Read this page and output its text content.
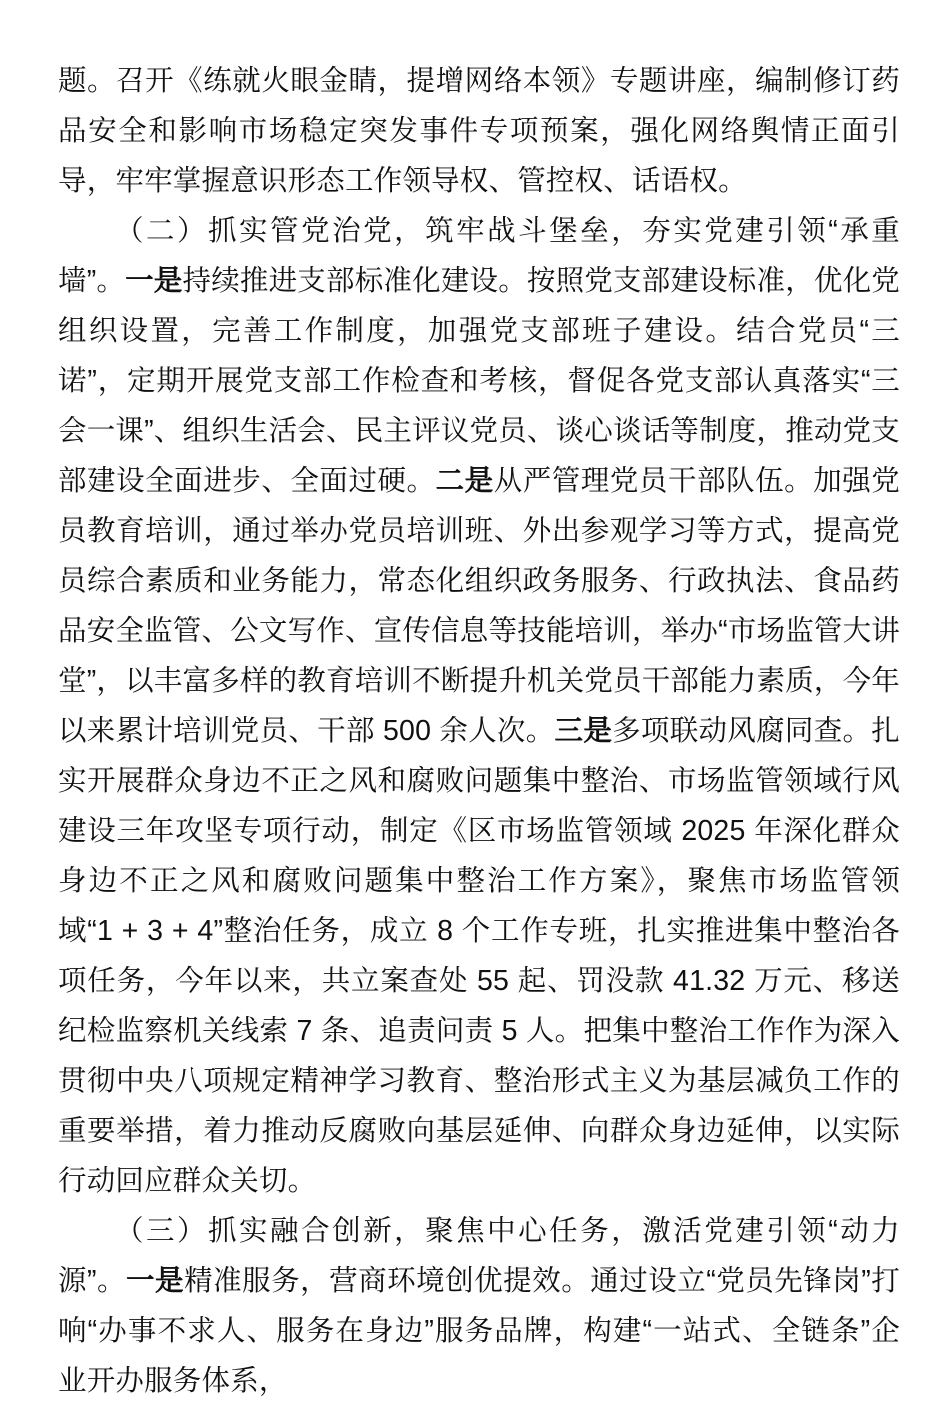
题。召开《练就火眼金睛，提增网络本领》专题讲座，编制修订药品安全和影响市场稳定突发事件专项预案，强化网络舆情正面引导，牢牢掌握意识形态工作领导权、管控权、话语权。

（二）抓实管党治党，筑牢战斗堡垒，夯实党建引领“承重墙”。一是持续推进支部标准化建设。按照党支部建设标准，优化党组织设置，完善工作制度，加强党支部班子建设。结合党员“三诺”，定期开展党支部工作检查和考核，督促各党支部认真落实“三会一课”、组织生活会、民主评议党员、谈心谈话等制度，推动党支部建设全面进步、全面过硬。二是从严管理党员干部队伍。加强党员教育培训，通过举办党员培训班、外出参观学习等方式，提高党员综合素质和业务能力，常态化组织政务服务、行政执法、食品药品安全监管、公文写作、宣传信息等技能培训，举办“市场监管大讲堂”，以丰富多样的教育培训不断提升机关党员干部能力素质，今年以来累计培训党员、干部 500 余人次。三是多项联动风腐同查。扎实开展群众身边不正之风和腐败问题集中整治、市场监管领域行风建设三年攻坚专项行动，制定《区市场监管领域 2025 年深化群众身边不正之风和腐败问题集中整治工作方案》，聚焦市场监管领域“1 + 3 + 4”整治任务，成立 8 个工作专班，扎实推进集中整治各项任务，今年以来，共立案查处 55 起、罚没款 41.32 万元、移送纪检监察机关线索 7 条、追责问责 5 人。把集中整治工作作为深入贯彻中央八项规定精神学习教育、整治形式主义为基层减负工作的重要举措，着力推动反腐败向基层延伸、向群众身边延伸，以实际行动回应群众关切。

（三）抓实融合创新，聚焦中心任务，激活党建引领“动力源”。一是精准服务，营商环境创优提效。通过设立“党员先锋岗”打响“办事不求人、服务在身边”服务品牌，构建“一站式、全链条”企业开办服务体系，
